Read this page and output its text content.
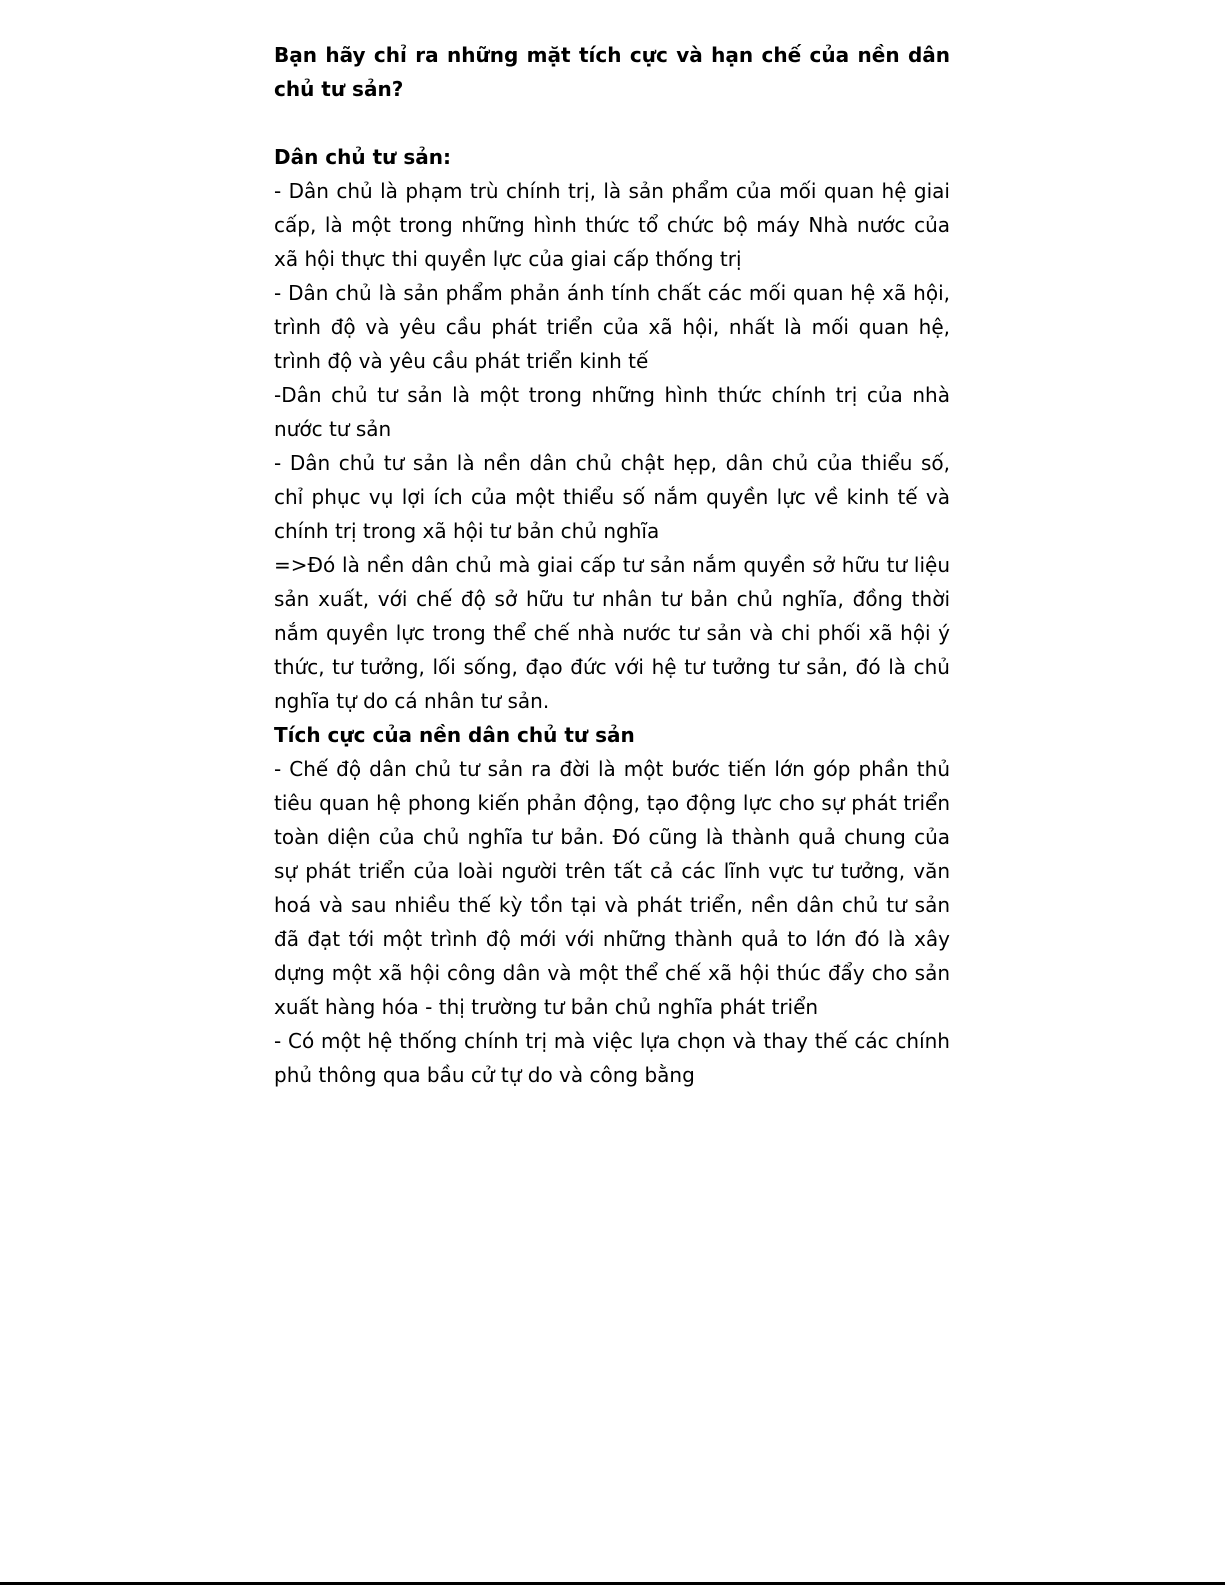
Bạn hãy chỉ ra những mặt tích cực và hạn chế của nền dân chủ tư sản?

Dân chủ tư sản:

- Dân chủ là phạm trù chính trị, là sản phẩm của mối quan hệ giai cấp, là một trong những hình thức tổ chức bộ máy Nhà nước của xã hội thực thi quyền lực của giai cấp thống trị

- Dân chủ là sản phẩm phản ánh tính chất các mối quan hệ xã hội, trình độ và yêu cầu phát triển của xã hội, nhất là mối quan hệ, trình độ và yêu cầu phát triển kinh tế

-Dân chủ tư sản là một trong những hình thức chính trị của nhà nước tư sản

- Dân chủ tư sản là nền dân chủ chật hẹp, dân chủ của thiểu số, chỉ phục vụ lợi ích của một thiểu số nắm quyền lực về kinh tế và chính trị trong xã hội tư bản chủ nghĩa

=>Đó là nền dân chủ mà giai cấp tư sản nắm quyền sở hữu tư liệu sản xuất, với chế độ sở hữu tư nhân tư bản chủ nghĩa, đồng thời nắm quyền lực trong thể chế nhà nước tư sản và chi phối xã hội ý thức, tư tưởng, lối sống, đạo đức với hệ tư tưởng tư sản, đó là chủ nghĩa tự do cá nhân tư sản.

Tích cực của nền dân chủ tư sản

- Chế độ dân chủ tư sản ra đời là một bước tiến lớn góp phần thủ tiêu quan hệ phong kiến phản động, tạo động lực cho sự phát triển toàn diện của chủ nghĩa tư bản. Đó cũng là thành quả chung của sự phát triển của loài người trên tất cả các lĩnh vực tư tưởng, văn hoá và sau nhiều thế kỳ tồn tại và phát triển, nền dân chủ tư sản đã đạt tới một trình độ mới với những thành quả to lớn đó là xây dựng một xã hội công dân và một thể chế xã hội thúc đẩy cho sản xuất hàng hóa - thị trường tư bản chủ nghĩa phát triển

- Có một hệ thống chính trị mà việc lựa chọn và thay thế các chính phủ thông qua bầu cử tự do và công bằng
